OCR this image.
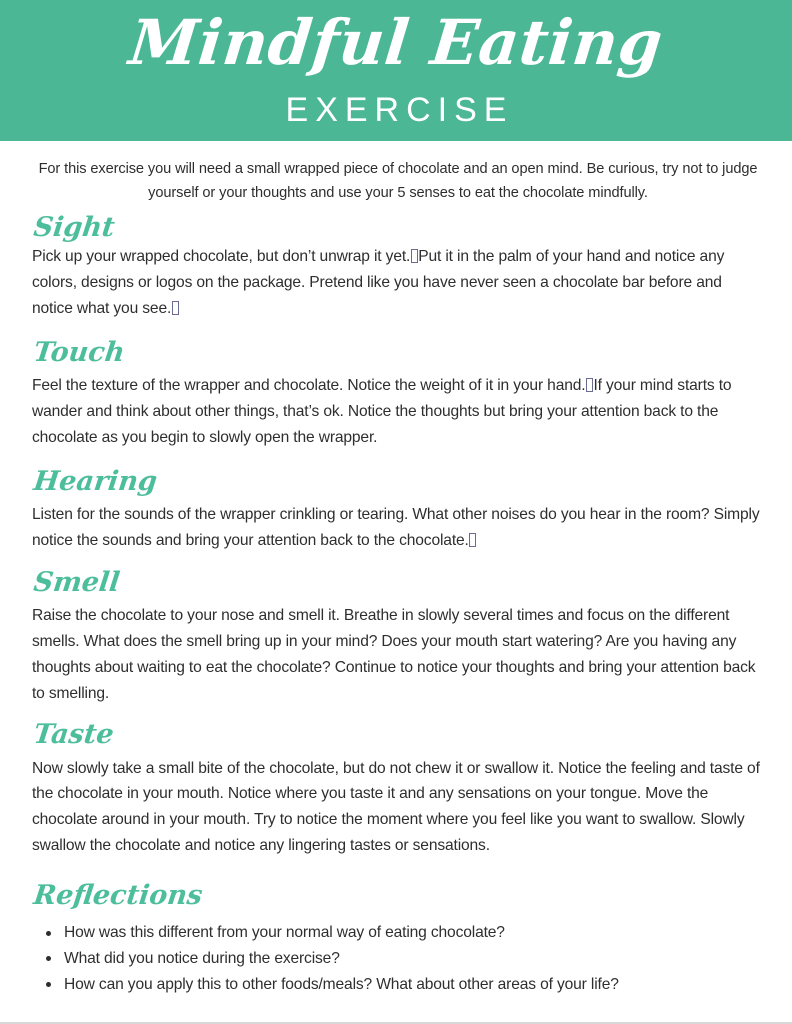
Mindful Eating
EXERCISE

For this exercise you will need a small wrapped piece of chocolate and an open mind. Be curious, try not to judge yourself or your thoughts and use your 5 senses to eat the chocolate mindfully.

Sight

Pick up your wrapped chocolate, but don’t unwrap it yet. Put it in the palm of your hand and notice any colors, designs or logos on the package. Pretend like you have never seen a chocolate bar before and notice what you see.

Touch

Feel the texture of the wrapper and chocolate. Notice the weight of it in your hand. If your mind starts to wander and think about other things, that’s ok. Notice the thoughts but bring your attention back to the chocolate as you begin to slowly open the wrapper.

Hearing

Listen for the sounds of the wrapper crinkling or tearing. What other noises do you hear in the room? Simply notice the sounds and bring your attention back to the chocolate.

Smell

Raise the chocolate to your nose and smell it. Breathe in slowly several times and focus on the different smells. What does the smell bring up in your mind? Does your mouth start watering? Are you having any thoughts about waiting to eat the chocolate? Continue to notice your thoughts and bring your attention back to smelling.

Taste

Now slowly take a small bite of the chocolate, but do not chew it or swallow it. Notice the feeling and taste of the chocolate in your mouth. Notice where you taste it and any sensations on your tongue. Move the chocolate around in your mouth. Try to notice the moment where you feel like you want to swallow. Slowly swallow the chocolate and notice any lingering tastes or sensations.

Reflections
How was this different from your normal way of eating chocolate?
What did you notice during the exercise?
How can you apply this to other foods/meals? What about other areas of your life?
